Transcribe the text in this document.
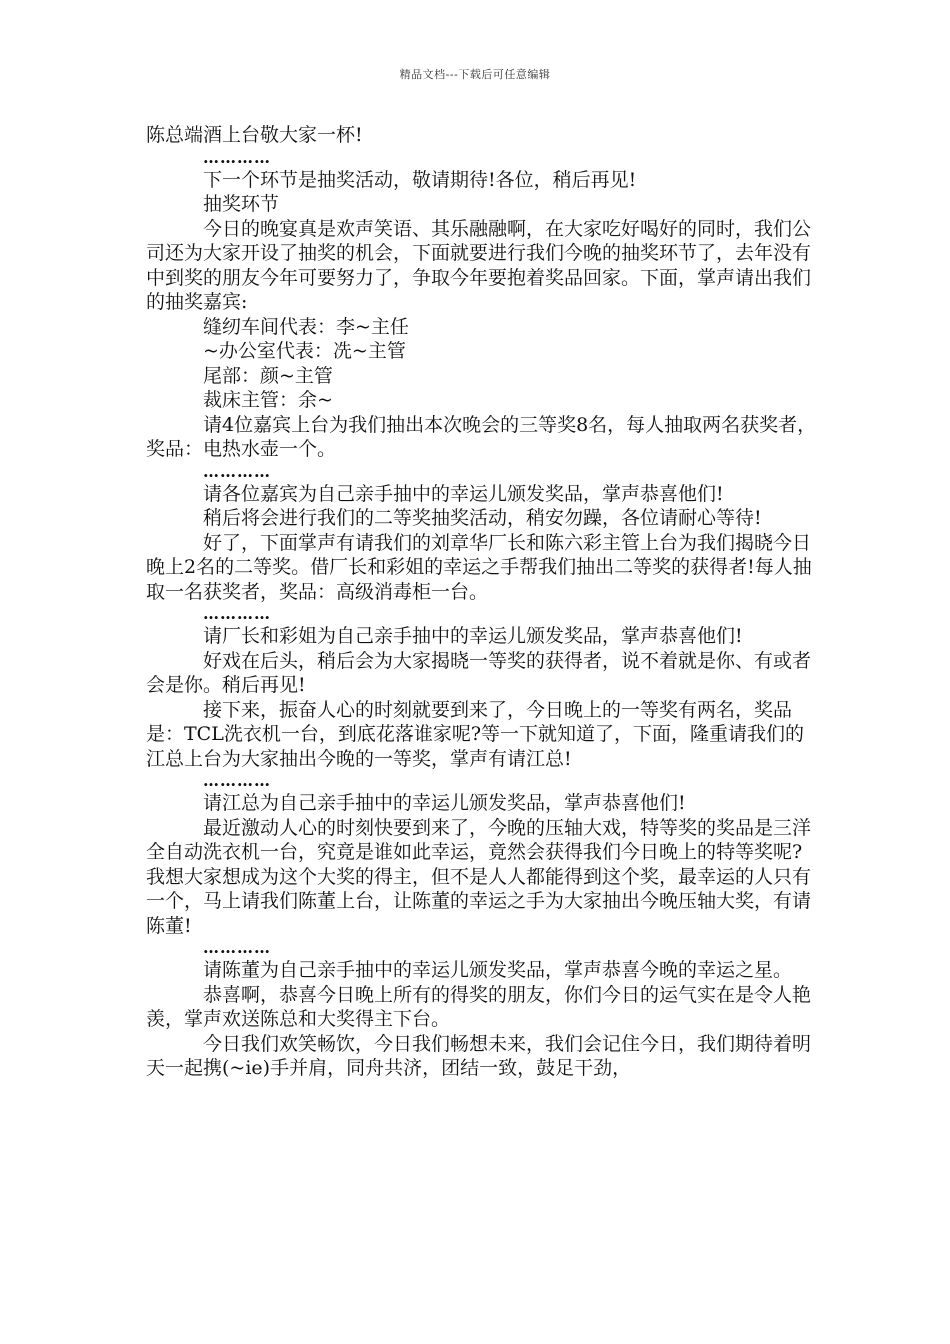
精品文档---下载后可任意编辑

陈总端酒上台敬大家一杯!

…………

下一个环节是抽奖活动，敬请期待!各位，稍后再见!

抽奖环节

今日的晚宴真是欢声笑语、其乐融融啊，在大家吃好喝好的同时，我们公司还为大家开设了抽奖的机会，下面就要进行我们今晚的抽奖环节了，去年没有中到奖的朋友今年可要努力了，争取今年要抱着奖品回家。下面，掌声请出我们的抽奖嘉宾:

缝纫车间代表：李~主任

~办公室代表：冼~主管

尾部：颜~主管

裁床主管：余~

请4位嘉宾上台为我们抽出本次晚会的三等奖8名，每人抽取两名获奖者，奖品：电热水壶一个。

…………

请各位嘉宾为自己亲手抽中的幸运儿颁发奖品，掌声恭喜他们!

稍后将会进行我们的二等奖抽奖活动，稍安勿躁，各位请耐心等待!

好了，下面掌声有请我们的刘章华厂长和陈六彩主管上台为我们揭晓今日晚上2名的二等奖。借厂长和彩姐的幸运之手帮我们抽出二等奖的获得者!每人抽取一名获奖者，奖品：高级消毒柜一台。

…………

请厂长和彩姐为自己亲手抽中的幸运儿颁发奖品，掌声恭喜他们!

好戏在后头，稍后会为大家揭晓一等奖的获得者，说不着就是你、有或者会是你。稍后再见!

接下来，振奋人心的时刻就要到来了，今日晚上的一等奖有两名，奖品是：TCL洗衣机一台，到底花落谁家呢?等一下就知道了，下面，隆重请我们的江总上台为大家抽出今晚的一等奖，掌声有请江总!

…………

请江总为自己亲手抽中的幸运儿颁发奖品，掌声恭喜他们!

最近激动人心的时刻快要到来了，今晚的压轴大戏，特等奖的奖品是三洋全自动洗衣机一台，究竟是谁如此幸运，竟然会获得我们今日晚上的特等奖呢?我想大家想成为这个大奖的得主，但不是人人都能得到这个奖，最幸运的人只有一个，马上请我们陈董上台，让陈董的幸运之手为大家抽出今晚压轴大奖，有请陈董!

…………

请陈董为自己亲手抽中的幸运儿颁发奖品，掌声恭喜今晚的幸运之星。

恭喜啊，恭喜今日晚上所有的得奖的朋友，你们今日的运气实在是令人艳羡，掌声欢送陈总和大奖得主下台。

今日我们欢笑畅饮，今日我们畅想未来，我们会记住今日，我们期待着明天一起携(~ie)手并肩，同舟共济，团结一致，鼓足干劲，
